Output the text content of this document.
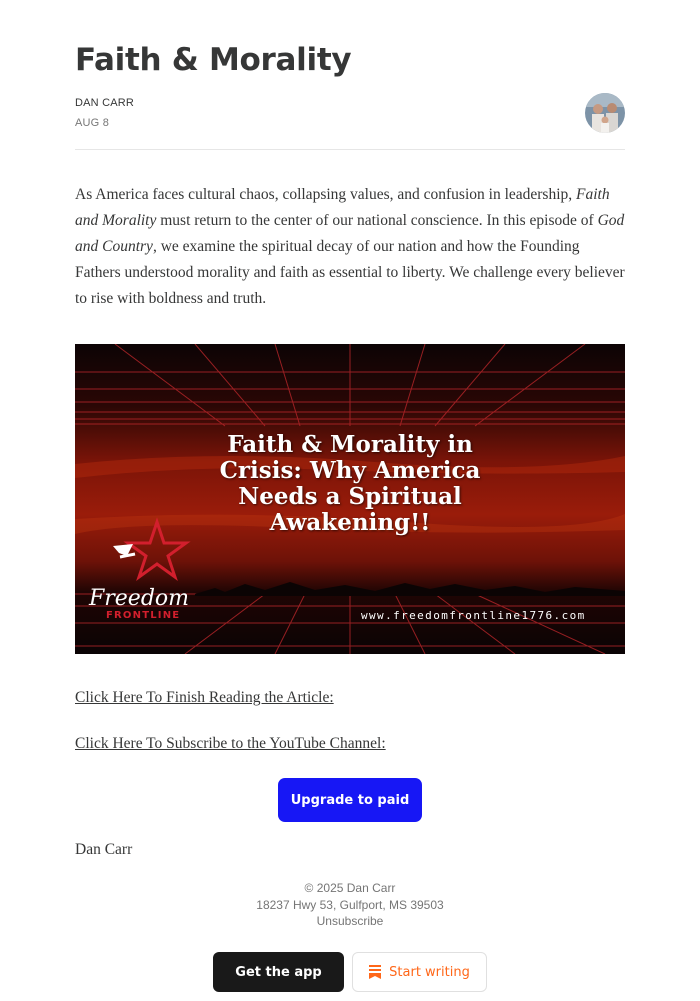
Faith & Morality
DAN CARR
AUG 8

As America faces cultural chaos, collapsing values, and confusion in leadership, Faith and Morality must return to the center of our national conscience. In this episode of God and Country, we examine the spiritual decay of our nation and how the Founding Fathers understood morality and faith as essential to liberty. We challenge every believer to rise with boldness and truth.

Faith & Morality in
Crisis: Why America
Needs a Spiritual
Awakening!!
Freedom
FRONTLINE	www.freedomfrontline1776.com
Click Here To Finish Reading the Article:
Click Here To Subscribe to the YouTube Channel:
Upgrade to paid
Dan Carr
© 2025 Dan Carr
18237 Hwy 53, Gulfport, MS 39503
Unsubscribe
Get the app	Start writing
